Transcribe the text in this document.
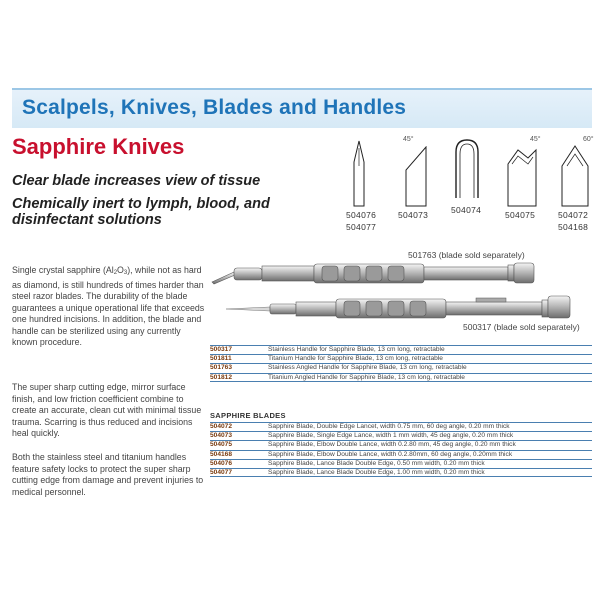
Scalpels, Knives, Blades and Handles
Sapphire Knives
Clear blade increases view of tissue
Chemically inert to lymph, blood, and disinfectant solutions	504076
504077
45°
504073	504074
45°
504075
60°
504072
504168
Single crystal sapphire $(Al_2O_3)$, while not as hard as diamond, is still hundreds of times harder than steel razor blades. The durability of the blade guarantees a unique operational life that exceeds one hundred incisions. In addition, the blade and handle can be sterilized using any currently known procedure.
The super sharp cutting edge, mirror surface finish, and low friction coefficient combine to create an accurate, clean cut with minimal tissue trauma. Scarring is thus reduced and incisions heal quickly.
Both the stainless steel and titanium handles feature safety locks to protect the super sharp cutting edge from damage and prevent injuries to medical personnel.
501763 (blade sold separately)
500317 (blade sold separately)
500317	Stainless Handle for Sapphire Blade, 13 cm long, retractable
501811	Titanium Handle for Sapphire Blade, 13 cm long, retractable
501763	Stainless Angled Handle for Sapphire Blade, 13 cm long, retractable
501812	Titanium Angled Handle for Sapphire Blade, 13 cm long, retractable
SAPPHIRE BLADES
504072	Sapphire Blade, Double Edge Lancet, width 0.75 mm, 60 deg angle, 0.20 mm thick
504073	Sapphire Blade, Single Edge Lance, width 1 mm width, 45 deg angle, 0.20 mm thick
504075	Sapphire Blade, Elbow Double Lance, width 0.2.80 mm, 45 deg angle, 0.20 mm thick
504168	Sapphire Blade, Elbow Double Lance, width 0.2.80mm, 60 deg angle, 0.20mm thick
504076	Sapphire Blade, Lance Blade Double Edge, 0.50 mm width, 0.20 mm thick
504077	Sapphire Blade, Lance Blade Double Edge, 1.00 mm width, 0.20 mm thick
